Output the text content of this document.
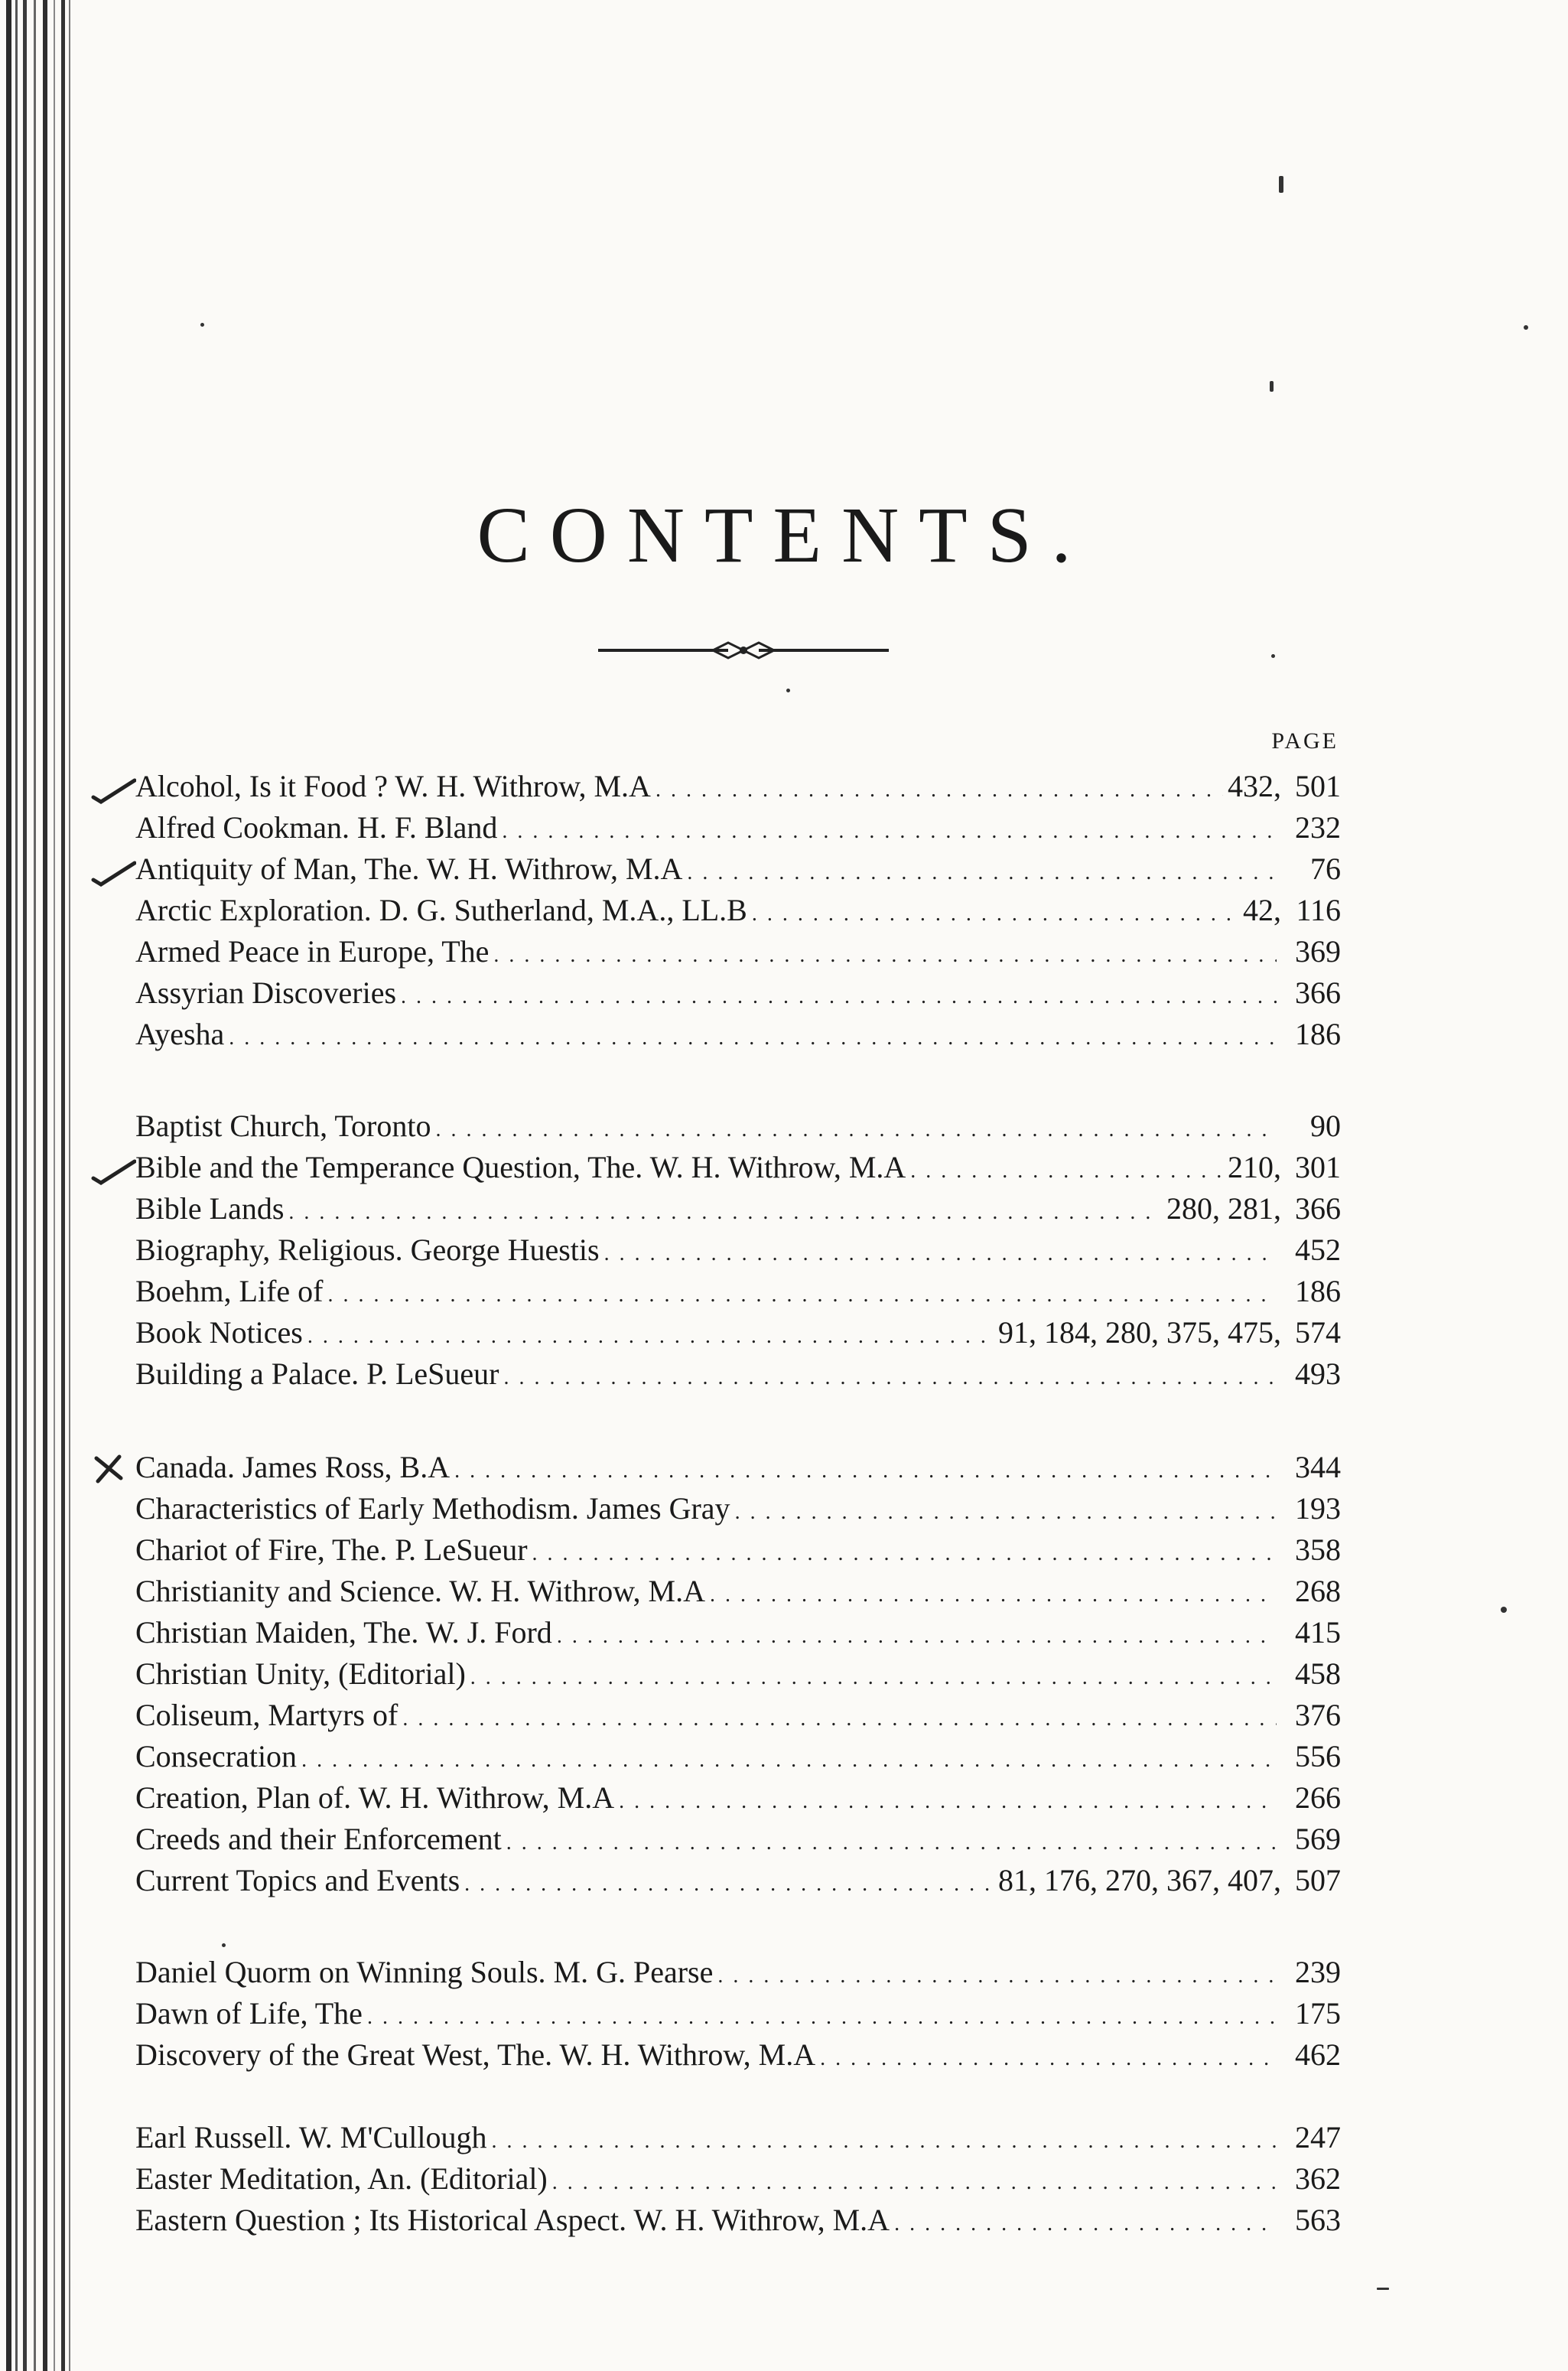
CONTENTS.
PAGE
Alcohol, Is it Food ? W. H. Withrow, M.A . . .	432, 501
Alfred Cookman. H. F. Bland . . .	232
Antiquity of Man, The. W. H. Withrow, M.A . . .	76
Arctic Exploration. D. G. Sutherland, M.A., LL.B . . .	42, 116
Armed Peace in Europe, The . . .	369
Assyrian Discoveries . . .	366
Ayesha . . .	186
Baptist Church, Toronto . . .	90
Bible and the Temperance Question, The. W. H. Withrow, M.A . . .	210, 301
Bible Lands . . .	280, 281, 366
Biography, Religious. George Huestis . . .	452
Boehm, Life of . . .	186
Book Notices . . .	91, 184, 280, 375, 475, 574
Building a Palace. P. LeSueur . . .	493
Canada. James Ross, B.A . . .	344
Characteristics of Early Methodism. James Gray . . .	193
Chariot of Fire, The. P. LeSueur . . .	358
Christianity and Science. W. H. Withrow, M.A . . .	268
Christian Maiden, The. W. J. Ford . . .	415
Christian Unity, (Editorial) . . .	458
Coliseum, Martyrs of . . .	376
Consecration . . .	556
Creation, Plan of. W. H. Withrow, M.A . . .	266
Creeds and their Enforcement . . .	569
Current Topics and Events . . .	81, 176, 270, 367, 407, 507
Daniel Quorm on Winning Souls. M. G. Pearse . . .	239
Dawn of Life, The . . .	175
Discovery of the Great West, The. W. H. Withrow, M.A . . .	462
Earl Russell. W. M'Cullough . . .	247
Easter Meditation, An. (Editorial) . . .	362
Eastern Question ; Its Historical Aspect. W. H. Withrow, M.A . . .	563
